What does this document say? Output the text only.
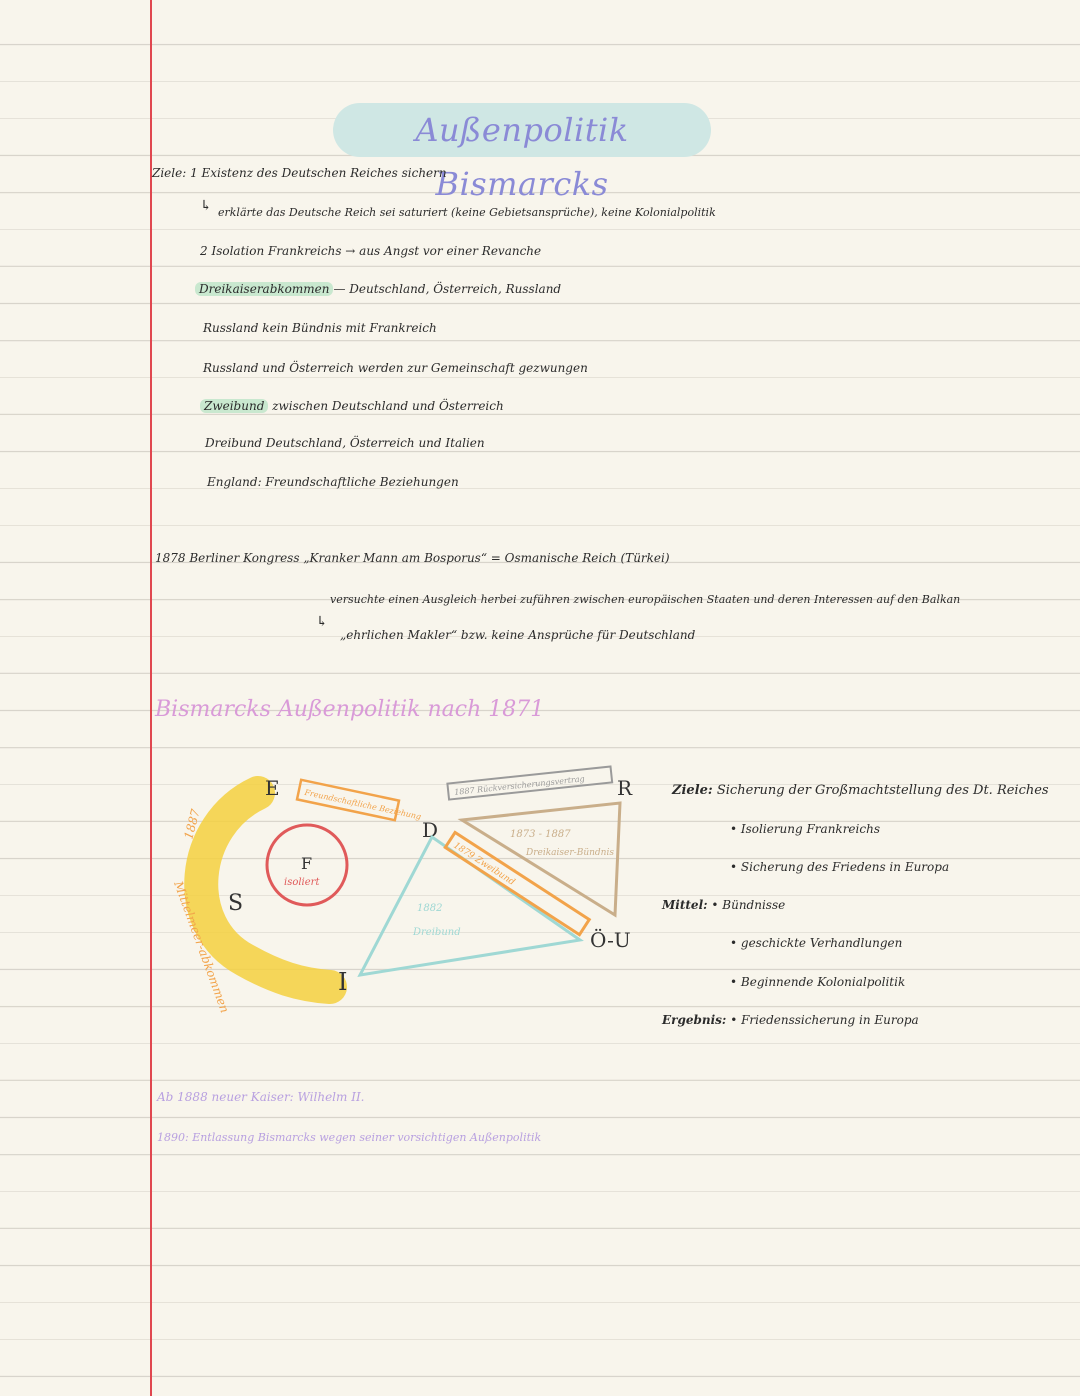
Außenpolitik Bismarcks
Ziele: 1 Existenz des Deutschen Reiches sichern
↳ erklärte das Deutsche Reich sei saturiert (keine Gebietsansprüche), keine Kolonialpolitik
2 Isolation Frankreichs → aus Angst vor einer Revanche
Dreikaiserabkommen — Deutschland, Österreich, Russland
Russland kein Bündnis mit Frankreich
Russland und Österreich werden zur Gemeinschaft gezwungen
Zweibund zwischen Deutschland und Österreich
Dreibund Deutschland, Österreich und Italien
England: Freundschaftliche Beziehungen
1878 Berliner Kongress „Kranker Mann am Bosporus“ = Osmanische Reich (Türkei)
versuchte einen Ausgleich herbei zuführen zwischen europäischen Staaten und deren Interessen auf den Balkan
↳
„ehrlichen Makler“ bzw. keine Ansprüche für Deutschland
Bismarcks Außenpolitik nach 1871
1887
Mittelmeer-abkommen
E
S
I
D
R
Ö-U
F
isoliert
Freundschaftliche Beziehung
1887 Rückversicherungsvertrag
1873 - 1887
Dreikaiser-Bündnis
1882
Dreibund
1879 Zweibund
Ziele: Sicherung der Großmachtstellung des Dt. Reiches
• Isolierung Frankreichs
• Sicherung des Friedens in Europa
Mittel: • Bündnisse
• geschickte Verhandlungen
• Beginnende Kolonialpolitik
Ergebnis: • Friedenssicherung in Europa
Ab 1888 neuer Kaiser: Wilhelm II.
1890: Entlassung Bismarcks wegen seiner vorsichtigen Außenpolitik
